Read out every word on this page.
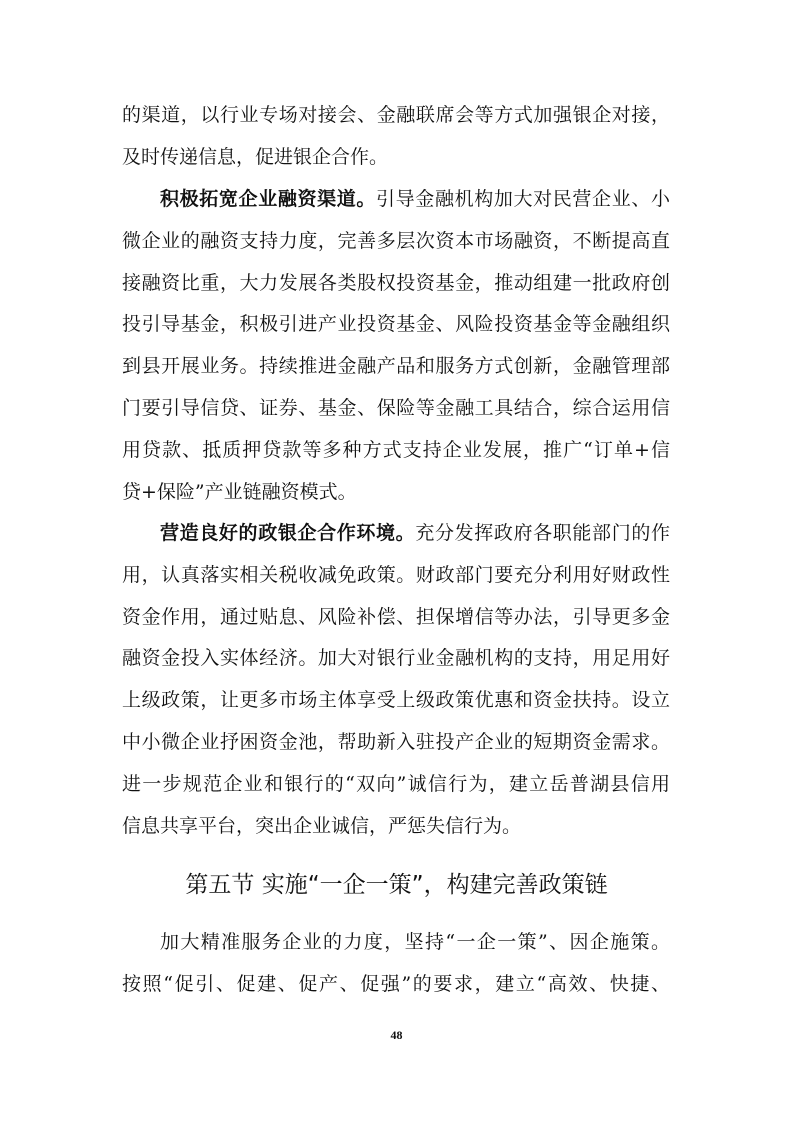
的渠道，以行业专场对接会、金融联席会等方式加强银企对接，
及时传递信息，促进银企合作。
积极拓宽企业融资渠道。引导金融机构加大对民营企业、小
微企业的融资支持力度，完善多层次资本市场融资，不断提高直
接融资比重，大力发展各类股权投资基金，推动组建一批政府创
投引导基金，积极引进产业投资基金、风险投资基金等金融组织
到县开展业务。持续推进金融产品和服务方式创新，金融管理部
门要引导信贷、证券、基金、保险等金融工具结合，综合运用信
用贷款、抵质押贷款等多种方式支持企业发展，推广“订单+信
贷+保险”产业链融资模式。
营造良好的政银企合作环境。充分发挥政府各职能部门的作
用，认真落实相关税收减免政策。财政部门要充分利用好财政性
资金作用，通过贴息、风险补偿、担保增信等办法，引导更多金
融资金投入实体经济。加大对银行业金融机构的支持，用足用好
上级政策，让更多市场主体享受上级政策优惠和资金扶持。设立
中小微企业抒困资金池，帮助新入驻投产企业的短期资金需求。
进一步规范企业和银行的“双向”诚信行为，建立岳普湖县信用
信息共享平台，突出企业诚信，严惩失信行为。
第五节 实施“一企一策”，构建完善政策链
加大精准服务企业的力度，坚持“一企一策”、因企施策。
按照“促引、促建、促产、促强”的要求，建立“高效、快捷、
48
